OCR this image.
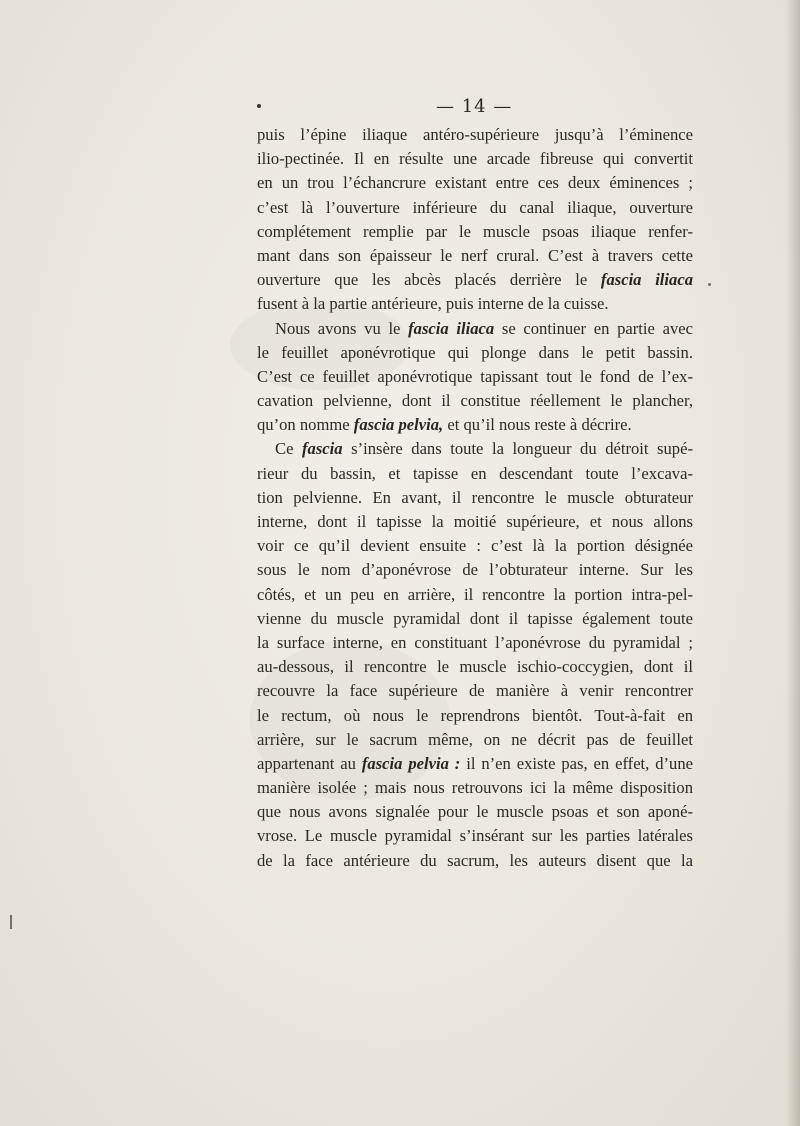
— 14 —
puis l’épine iliaque antéro-supérieure jusqu’à l’éminence
ilio-pectinée. Il en résulte une arcade fibreuse qui convertit
en un trou l’échancrure existant entre ces deux éminences ;
c’est là l’ouverture inférieure du canal iliaque, ouverture
complétement remplie par le muscle psoas iliaque renfer-
mant dans son épaisseur le nerf crural. C’est à travers cette
ouverture que les abcès placés derrière le fascia iliaca
fusent à la partie antérieure, puis interne de la cuisse.
Nous avons vu le fascia iliaca se continuer en partie avec
le feuillet aponévrotique qui plonge dans le petit bassin.
C’est ce feuillet aponévrotique tapissant tout le fond de l’ex-
cavation pelvienne, dont il constitue réellement le plancher,
qu’on nomme fascia pelvia, et qu’il nous reste à décrire.
Ce fascia s’insère dans toute la longueur du détroit supé-
rieur du bassin, et tapisse en descendant toute l’excava-
tion pelvienne. En avant, il rencontre le muscle obturateur
interne, dont il tapisse la moitié supérieure, et nous allons
voir ce qu’il devient ensuite : c’est là la portion désignée
sous le nom d’aponévrose de l’obturateur interne. Sur les
côtés, et un peu en arrière, il rencontre la portion intra-pel-
vienne du muscle pyramidal dont il tapisse également toute
la surface interne, en constituant l’aponévrose du pyramidal ;
au-dessous, il rencontre le muscle ischio-coccygien, dont il
recouvre la face supérieure de manière à venir rencontrer
le rectum, où nous le reprendrons bientôt. Tout-à-fait en
arrière, sur le sacrum même, on ne décrit pas de feuillet
appartenant au fascia pelvia : il n’en existe pas, en effet, d’une
manière isolée ; mais nous retrouvons ici la même disposition
que nous avons signalée pour le muscle psoas et son aponé-
vrose. Le muscle pyramidal s’insérant sur les parties latérales
de la face antérieure du sacrum, les auteurs disent que la
